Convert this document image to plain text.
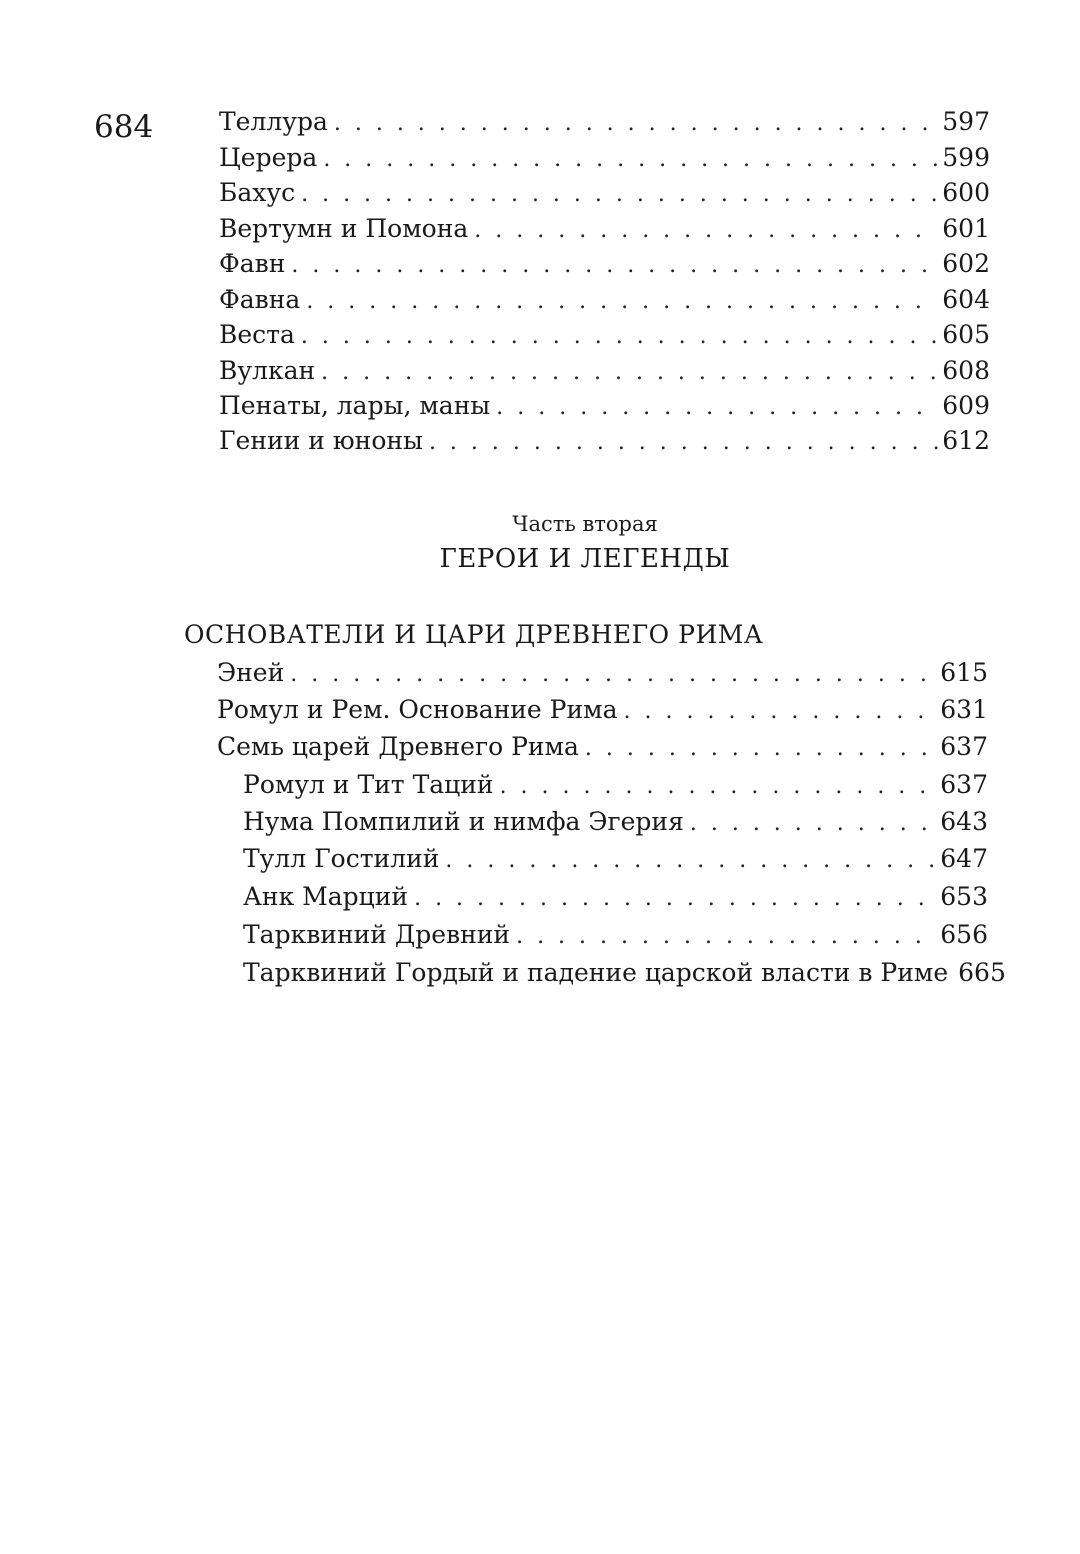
684	Теллура . . .	597
Церера . . .	599
Бахус . . .	600
Вертумн и Помона . . .	601
Фавн . . .	602
Фавна . . .	604
Веста . . .	605
Вулкан . . .	608
Пенаты, лары, маны . . .	609
Гении и юноны . . .	612
Часть вторая
ГЕРОИ И ЛЕГЕНДЫ
ОСНОВАТЕЛИ И ЦАРИ ДРЕВНЕГО РИМА
Эней . . .	615
Ромул и Рем. Основание Рима . . .	631
Семь царей Древнего Рима . . .	637
Ромул и Тит Таций . . .	637
Нума Помпилий и нимфа Эгерия . . .	643
Тулл Гостилий . . .	647
Анк Марций . . .	653
Тарквиний Древний . . .	656
Тарквиний Гордый и падение царской власти в Риме 665
